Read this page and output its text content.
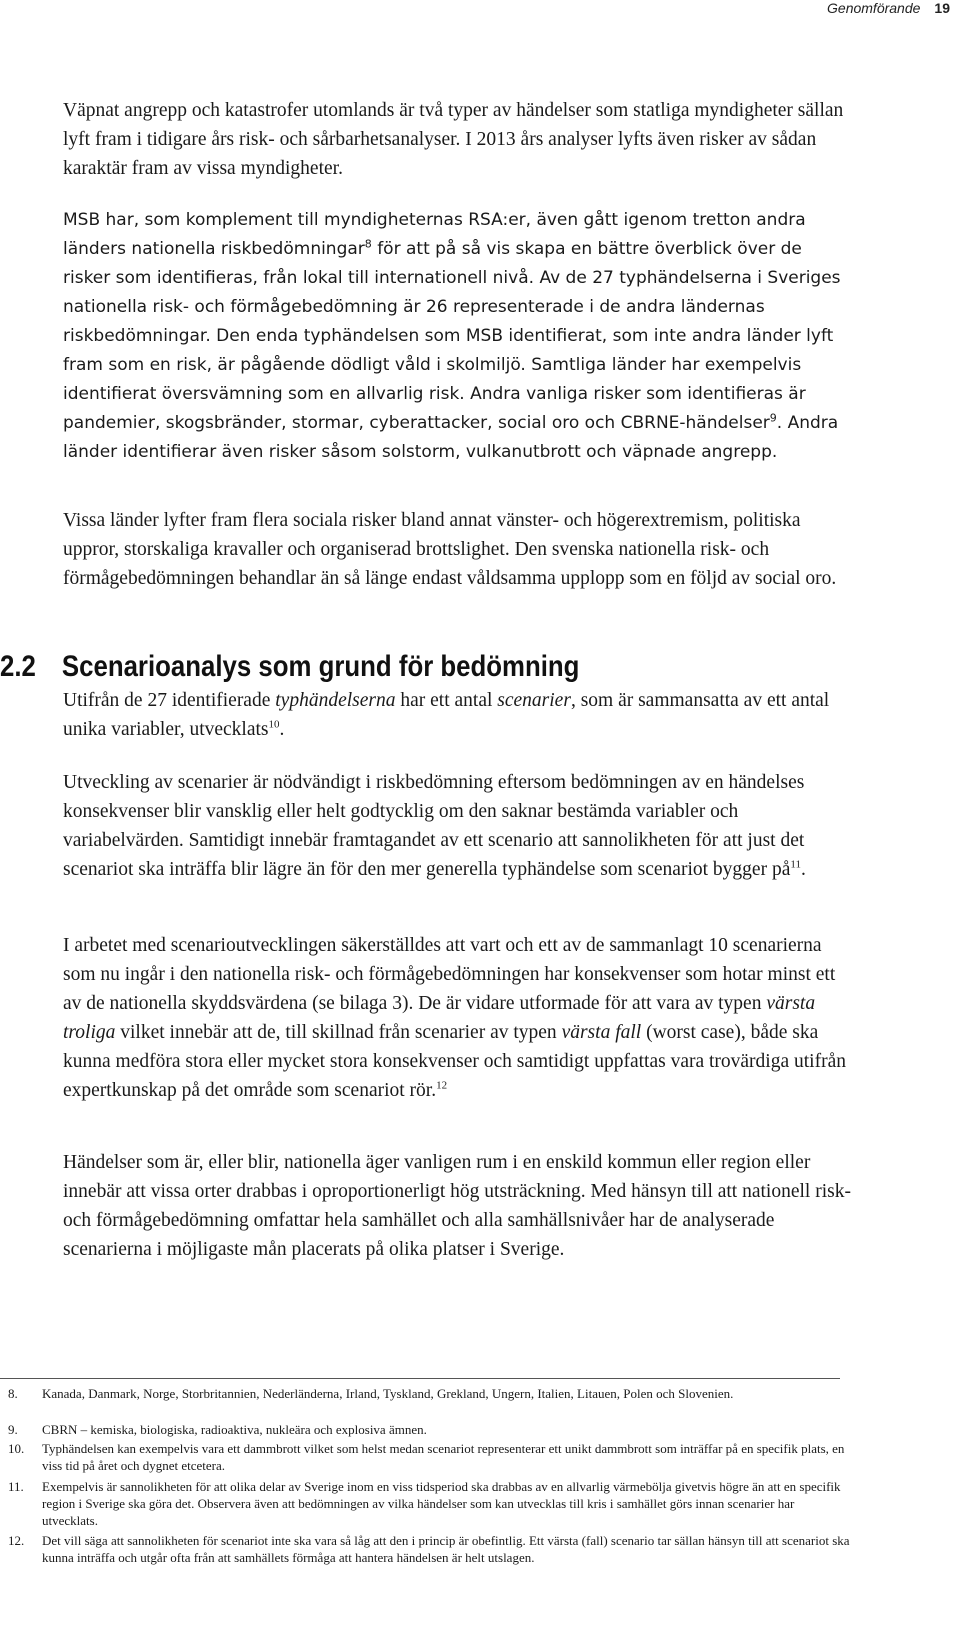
Genomförande 19

Väpnat angrepp och katastrofer utomlands är två typer av händelser som statliga myndigheter sällan lyft fram i tidigare års risk- och sårbarhetsanalyser. I 2013 års analyser lyfts även risker av sådan karaktär fram av vissa myndigheter.

MSB har, som komplement till myndigheternas RSA:er, även gått igenom tretton andra länders nationella riskbedömningar$^8$ för att på så vis skapa en bättre överblick över de risker som identifieras, från lokal till internationell nivå. Av de 27 typhändelserna i Sveriges nationella risk- och förmågebedömning är 26 representerade i de andra ländernas riskbedömningar. Den enda typhändelsen som MSB identifierat, som inte andra länder lyft fram som en risk, är pågående dödligt våld i skolmiljö. Samtliga länder har exempelvis identifierat översvämning som en allvarlig risk. Andra vanliga risker som identifieras är pandemier, skogsbränder, stormar, cyberattacker, social oro och CBRNE-händelser$^9$. Andra länder identifierar även risker såsom solstorm, vulkanutbrott och väpnade angrepp.

Vissa länder lyfter fram flera sociala risker bland annat vänster- och högerextremism, politiska uppror, storskaliga kravaller och organiserad brottslighet. Den svenska nationella risk- och förmågebedömningen behandlar än så länge endast våldsamma upplopp som en följd av social oro.

2.2 Scenarioanalys som grund för bedömning

Utifrån de 27 identifierade typhändelserna har ett antal scenarier, som är sammansatta av ett antal unika variabler, utvecklats$^{10}$.

Utveckling av scenarier är nödvändigt i riskbedömning eftersom bedömningen av en händelses konsekvenser blir vansklig eller helt godtycklig om den saknar bestämda variabler och variabelvärden. Samtidigt innebär framtagandet av ett scenario att sannolikheten för att just det scenariot ska inträffa blir lägre än för den mer generella typhändelse som scenariot bygger $på^{11}$.

I arbetet med scenarioutvecklingen säkerställdes att vart och ett av de sammanlagt 10 scenarierna som nu ingår i den nationella risk- och förmågebedömningen har konsekvenser som hotar minst ett av de nationella skyddsvärdena (se bilaga 3). De är vidare utformade för att vara av typen värsta troliga vilket innebär att de, till skillnad från scenarier av typen värsta fall (worst case), både ska kunna medföra stora eller mycket stora konsekvenser och samtidigt uppfattas vara trovärdiga utifrån expertkunskap på det område som scenariot rör.$^{12}$

Händelser som är, eller blir, nationella äger vanligen rum i en enskild kommun eller region eller innebär att vissa orter drabbas i oproportionerligt hög utsträckning. Med hänsyn till att nationell risk- och förmågebedömning omfattar hela samhället och alla samhällsnivåer har de analyserade scenarierna i möjligaste mån placerats på olika platser i Sverige.

8. Kanada, Danmark, Norge, Storbritannien, Nederländerna, Irland, Tyskland, Grekland, Ungern, Italien, Litauen, Polen och Slovenien.
9. CBRN – kemiska, biologiska, radioaktiva, nukleära och explosiva ämnen.
10. Typhändelsen kan exempelvis vara ett dammbrott vilket som helst medan scenariot representerar ett unikt dammbrott som inträffar på en specifik plats, en viss tid på året och dygnet etcetera.
11. Exempelvis är sannolikheten för att olika delar av Sverige inom en viss tidsperiod ska drabbas av en allvarlig värmebölja givetvis högre än att en specifik region i Sverige ska göra det. Observera även att bedömningen av vilka händelser som kan utvecklas till kris i samhället görs innan scenarier har utvecklats.
12. Det vill säga att sannolikheten för scenariot inte ska vara så låg att den i princip är obefintlig. Ett värsta (fall) scenario tar sällan hänsyn till att scenariot ska kunna inträffa och utgår ofta från att samhällets förmåga att hantera händelsen är helt utslagen.
